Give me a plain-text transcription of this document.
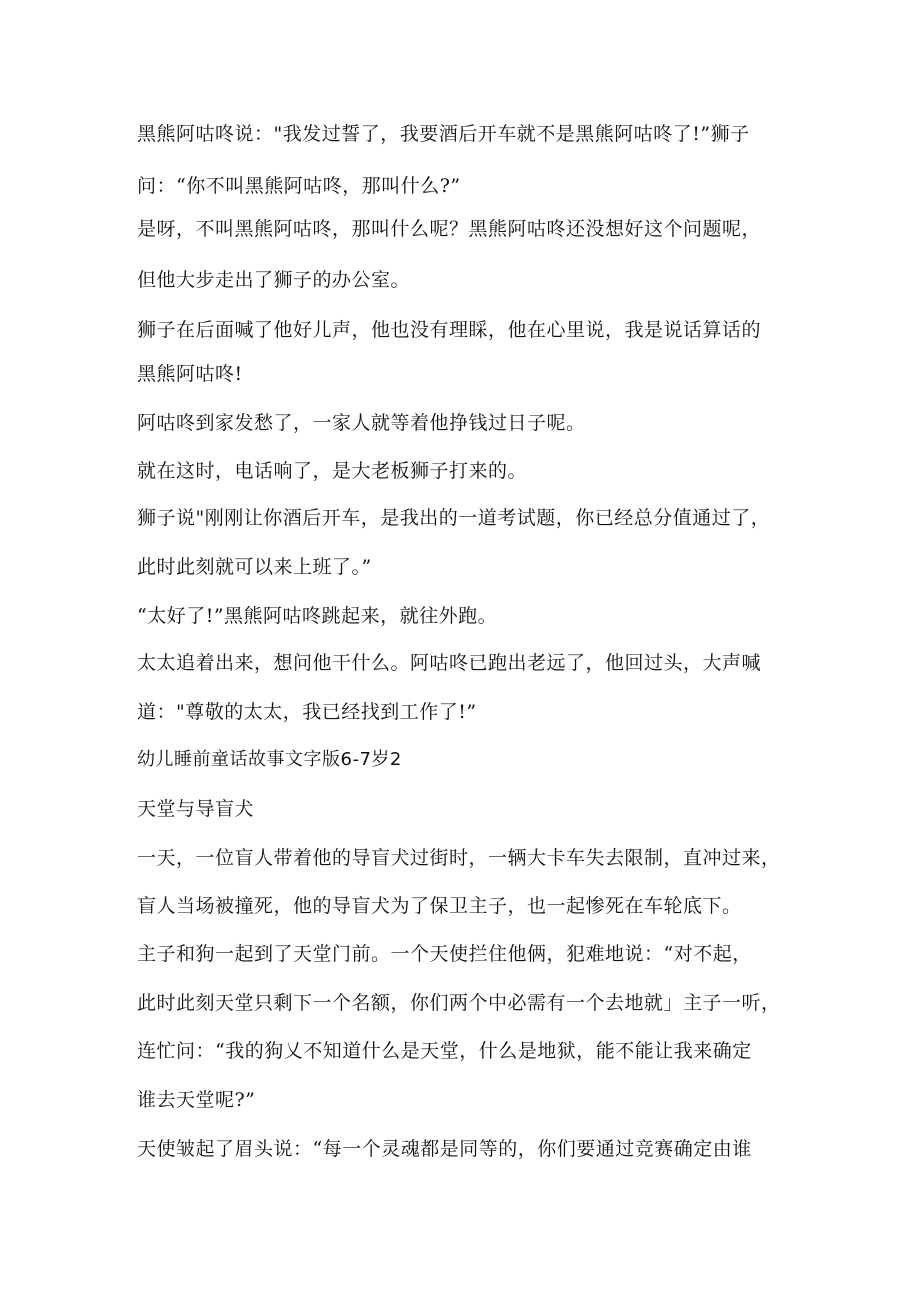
黑熊阿咕咚说："我发过誓了，我要酒后开车就不是黑熊阿咕咚了!”狮子
问：“你不叫黑熊阿咕咚，那叫什么?”
是呀，不叫黑熊阿咕咚，那叫什么呢？黑熊阿咕咚还没想好这个问题呢，
但他大步走出了狮子的办公室。
狮子在后面喊了他好儿声，他也没有理睬，他在心里说，我是说话算话的
黑熊阿咕咚!
阿咕咚到家发愁了，一家人就等着他挣钱过日子呢。
就在这时，电话响了，是大老板狮子打来的。
狮子说"刚刚让你酒后开车，是我出的一道考试题，你已经总分值通过了，
此时此刻就可以来上班了。”
“太好了!”黑熊阿咕咚跳起来，就往外跑。
太太追着出来，想问他干什么。阿咕咚已跑出老远了，他回过头，大声喊
道："尊敬的太太，我已经找到工作了!”
幼儿睡前童话故事文字版6-7岁2
天堂与导盲犬
一天，一位盲人带着他的导盲犬过街时，一辆大卡车失去限制，直冲过来，
盲人当场被撞死，他的导盲犬为了保卫主子，也一起惨死在车轮底下。
主子和狗一起到了天堂门前。一个天使拦住他俩，犯难地说：“对不起，
此时此刻天堂只剩下一个名额，你们两个中必需有一个去地就」主子一听，
连忙问：“我的狗乂不知道什么是天堂，什么是地狱，能不能让我来确定
谁去天堂呢?”
天使皱起了眉头说：“每一个灵魂都是同等的，你们要通过竞赛确定由谁
